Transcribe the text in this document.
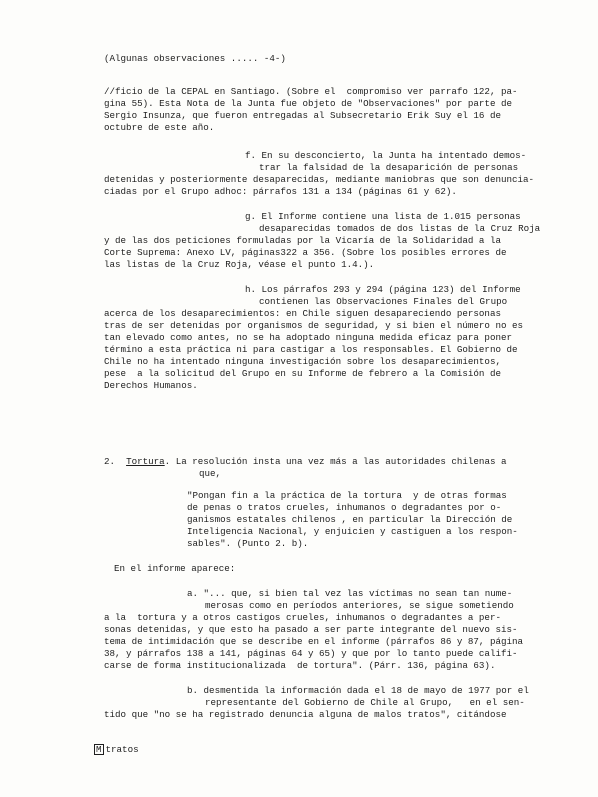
(Algunas observaciones ..... -4-)
//ficio de la CEPAL en Santiago. (Sobre el  compromiso ver parrafo 122, pa-
gina 55). Esta Nota de la Junta fue objeto de "Observaciones" por parte de
Sergio Insunza, que fueron entregadas al Subsecretario Erik Suy el 16 de
octubre de este año.
f. En su desconcierto, la Junta ha intentado demos-
trar la falsidad de la desaparición de personas
detenidas y posteriormente desaparecidas, mediante maniobras que son denuncia-
ciadas por el Grupo adhoc: párrafos 131 a 134 (páginas 61 y 62).
g. El Informe contiene una lista de 1.015 personas
desaparecidas tomados de dos listas de la Cruz Roja
y de las dos peticiones formuladas por la Vicaría de la Solidaridad a la
Corte Suprema: Anexo LV, páginas322 a 356. (Sobre los posibles errores de
las listas de la Cruz Roja, véase el punto 1.4.).
h. Los párrafos 293 y 294 (página 123) del Informe
contienen las Observaciones Finales del Grupo
acerca de los desaparecimientos: en Chile siguen desapareciendo personas
tras de ser detenidas por organismos de seguridad, y si bien el número no es
tan elevado como antes, no se ha adoptado ninguna medida eficaz para poner
término a esta práctica ni para castigar a los responsables. El Gobierno de
Chile no ha intentado ninguna investigación sobre los desaparecimientos,
pese  a la solicitud del Grupo en su Informe de febrero a la Comisión de
Derechos Humanos.
2. Tortura. La resolución insta una vez más a las autoridades chilenas a
que,
"Pongan fin a la práctica de la tortura  y de otras formas
de penas o tratos crueles, inhumanos o degradantes por o-
ganismos estatales chilenos , en particular la Dirección de
Inteligencia Nacional, y enjuicien y castiguen a los respon-
sables". (Punto 2. b).
En el informe aparece:
a. "... que, si bien tal vez las víctimas no sean tan nume-
merosas como en períodos anteriores, se sigue sometiendo
a la  tortura y a otros castigos crueles, inhumanos o degradantes a per-
sonas detenidas, y que esto ha pasado a ser parte integrante del nuevo sis-
tema de intimidación que se describe en el informe (párrafos 86 y 87, página
38, y párrafos 138 a 141, páginas 64 y 65) y que por lo tanto puede califi-
carse de forma institucionalizada  de tortura". (Párr. 136, página 63).
b. desmentida la información dada el 18 de mayo de 1977 por el
representante del Gobierno de Chile al Grupo,   en el sen-
tido que "no se ha registrado denuncia alguna de malos tratos", citándose
M tratos
